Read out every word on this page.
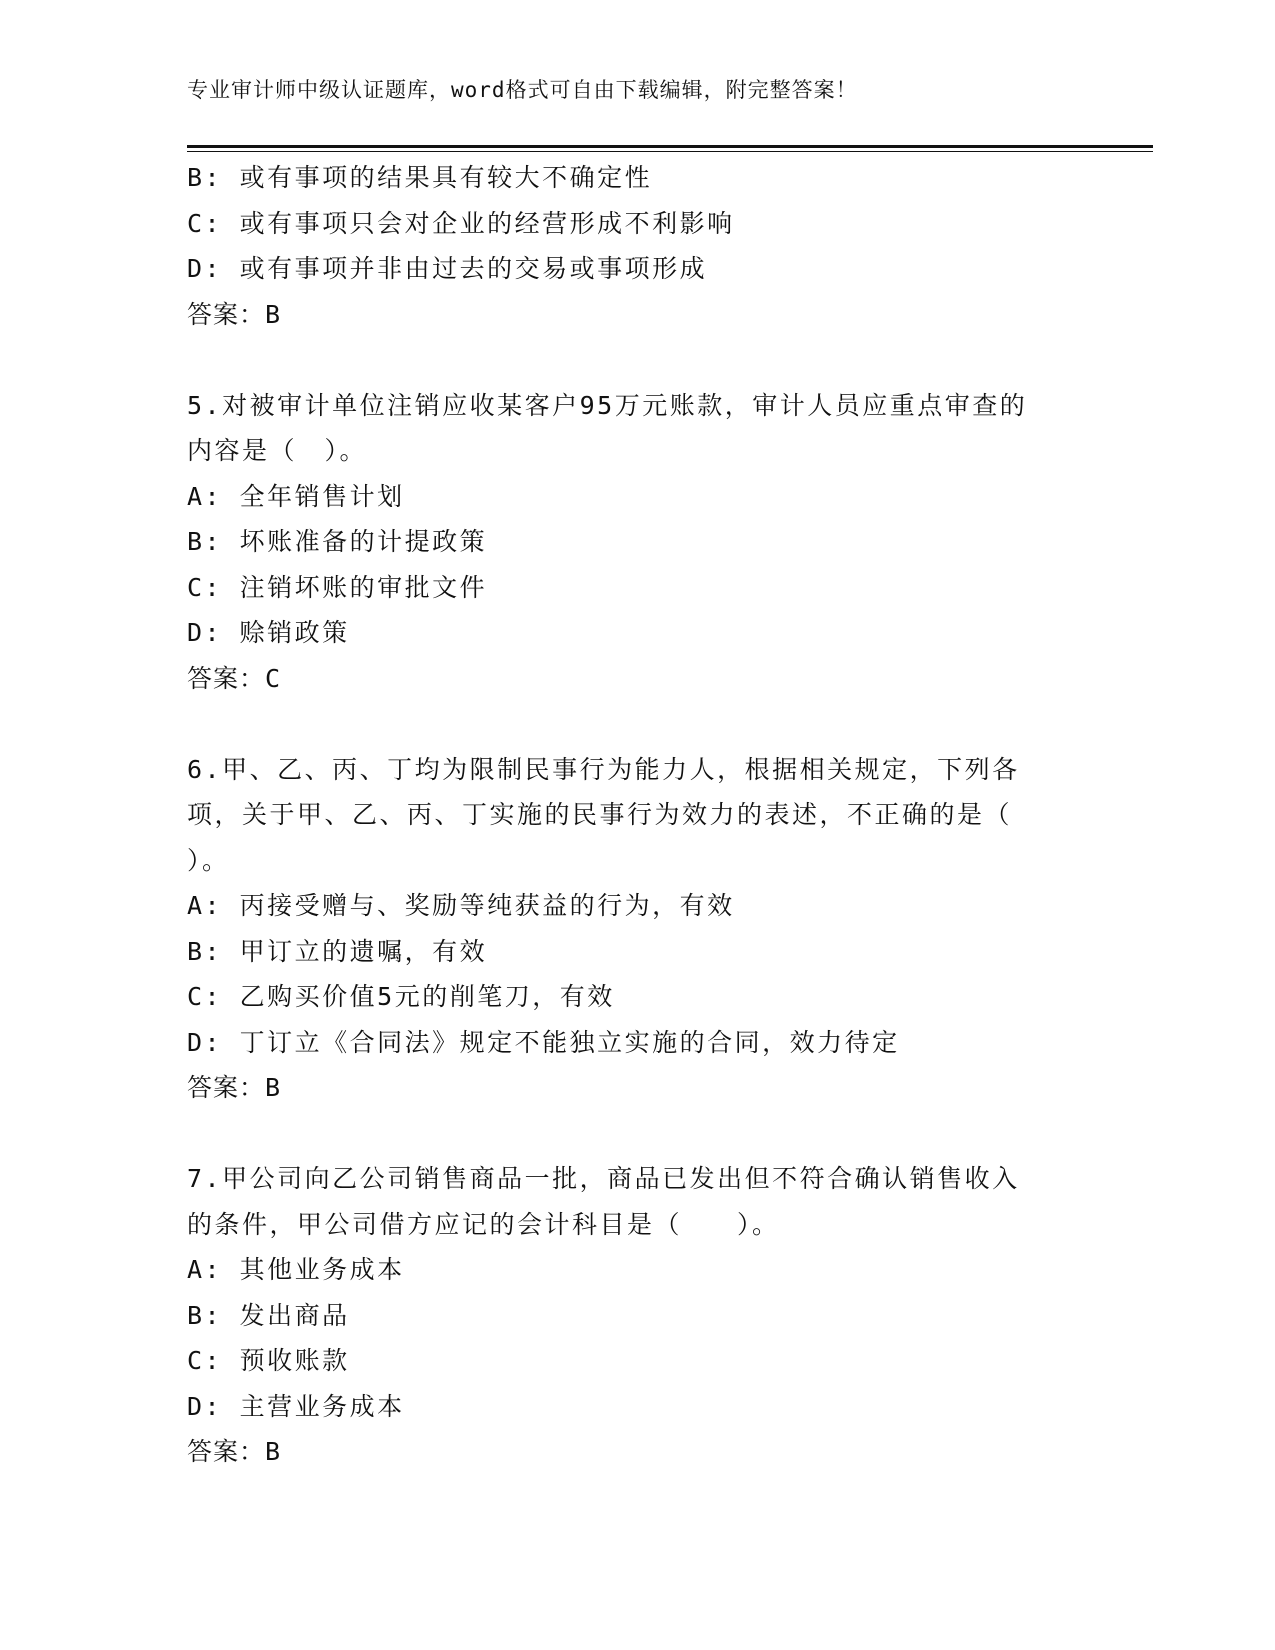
专业审计师中级认证题库，word格式可自由下载编辑，附完整答案！
B: 或有事项的结果具有较大不确定性
C: 或有事项只会对企业的经营形成不利影响
D: 或有事项并非由过去的交易或事项形成
答案：B
5.对被审计单位注销应收某客户95万元账款，审计人员应重点审查的
内容是（　）。
A: 全年销售计划
B: 坏账准备的计提政策
C: 注销坏账的审批文件
D: 赊销政策
答案：C
6.甲、乙、丙、丁均为限制民事行为能力人，根据相关规定，下列各
项，关于甲、乙、丙、丁实施的民事行为效力的表述，不正确的是（
）。
A: 丙接受赠与、奖励等纯获益的行为，有效
B: 甲订立的遗嘱，有效
C: 乙购买价值5元的削笔刀，有效
D: 丁订立《合同法》规定不能独立实施的合同，效力待定
答案：B
7.甲公司向乙公司销售商品一批，商品已发出但不符合确认销售收入
的条件，甲公司借方应记的会计科目是（　　）。
A: 其他业务成本
B: 发出商品
C: 预收账款
D: 主营业务成本
答案：B
